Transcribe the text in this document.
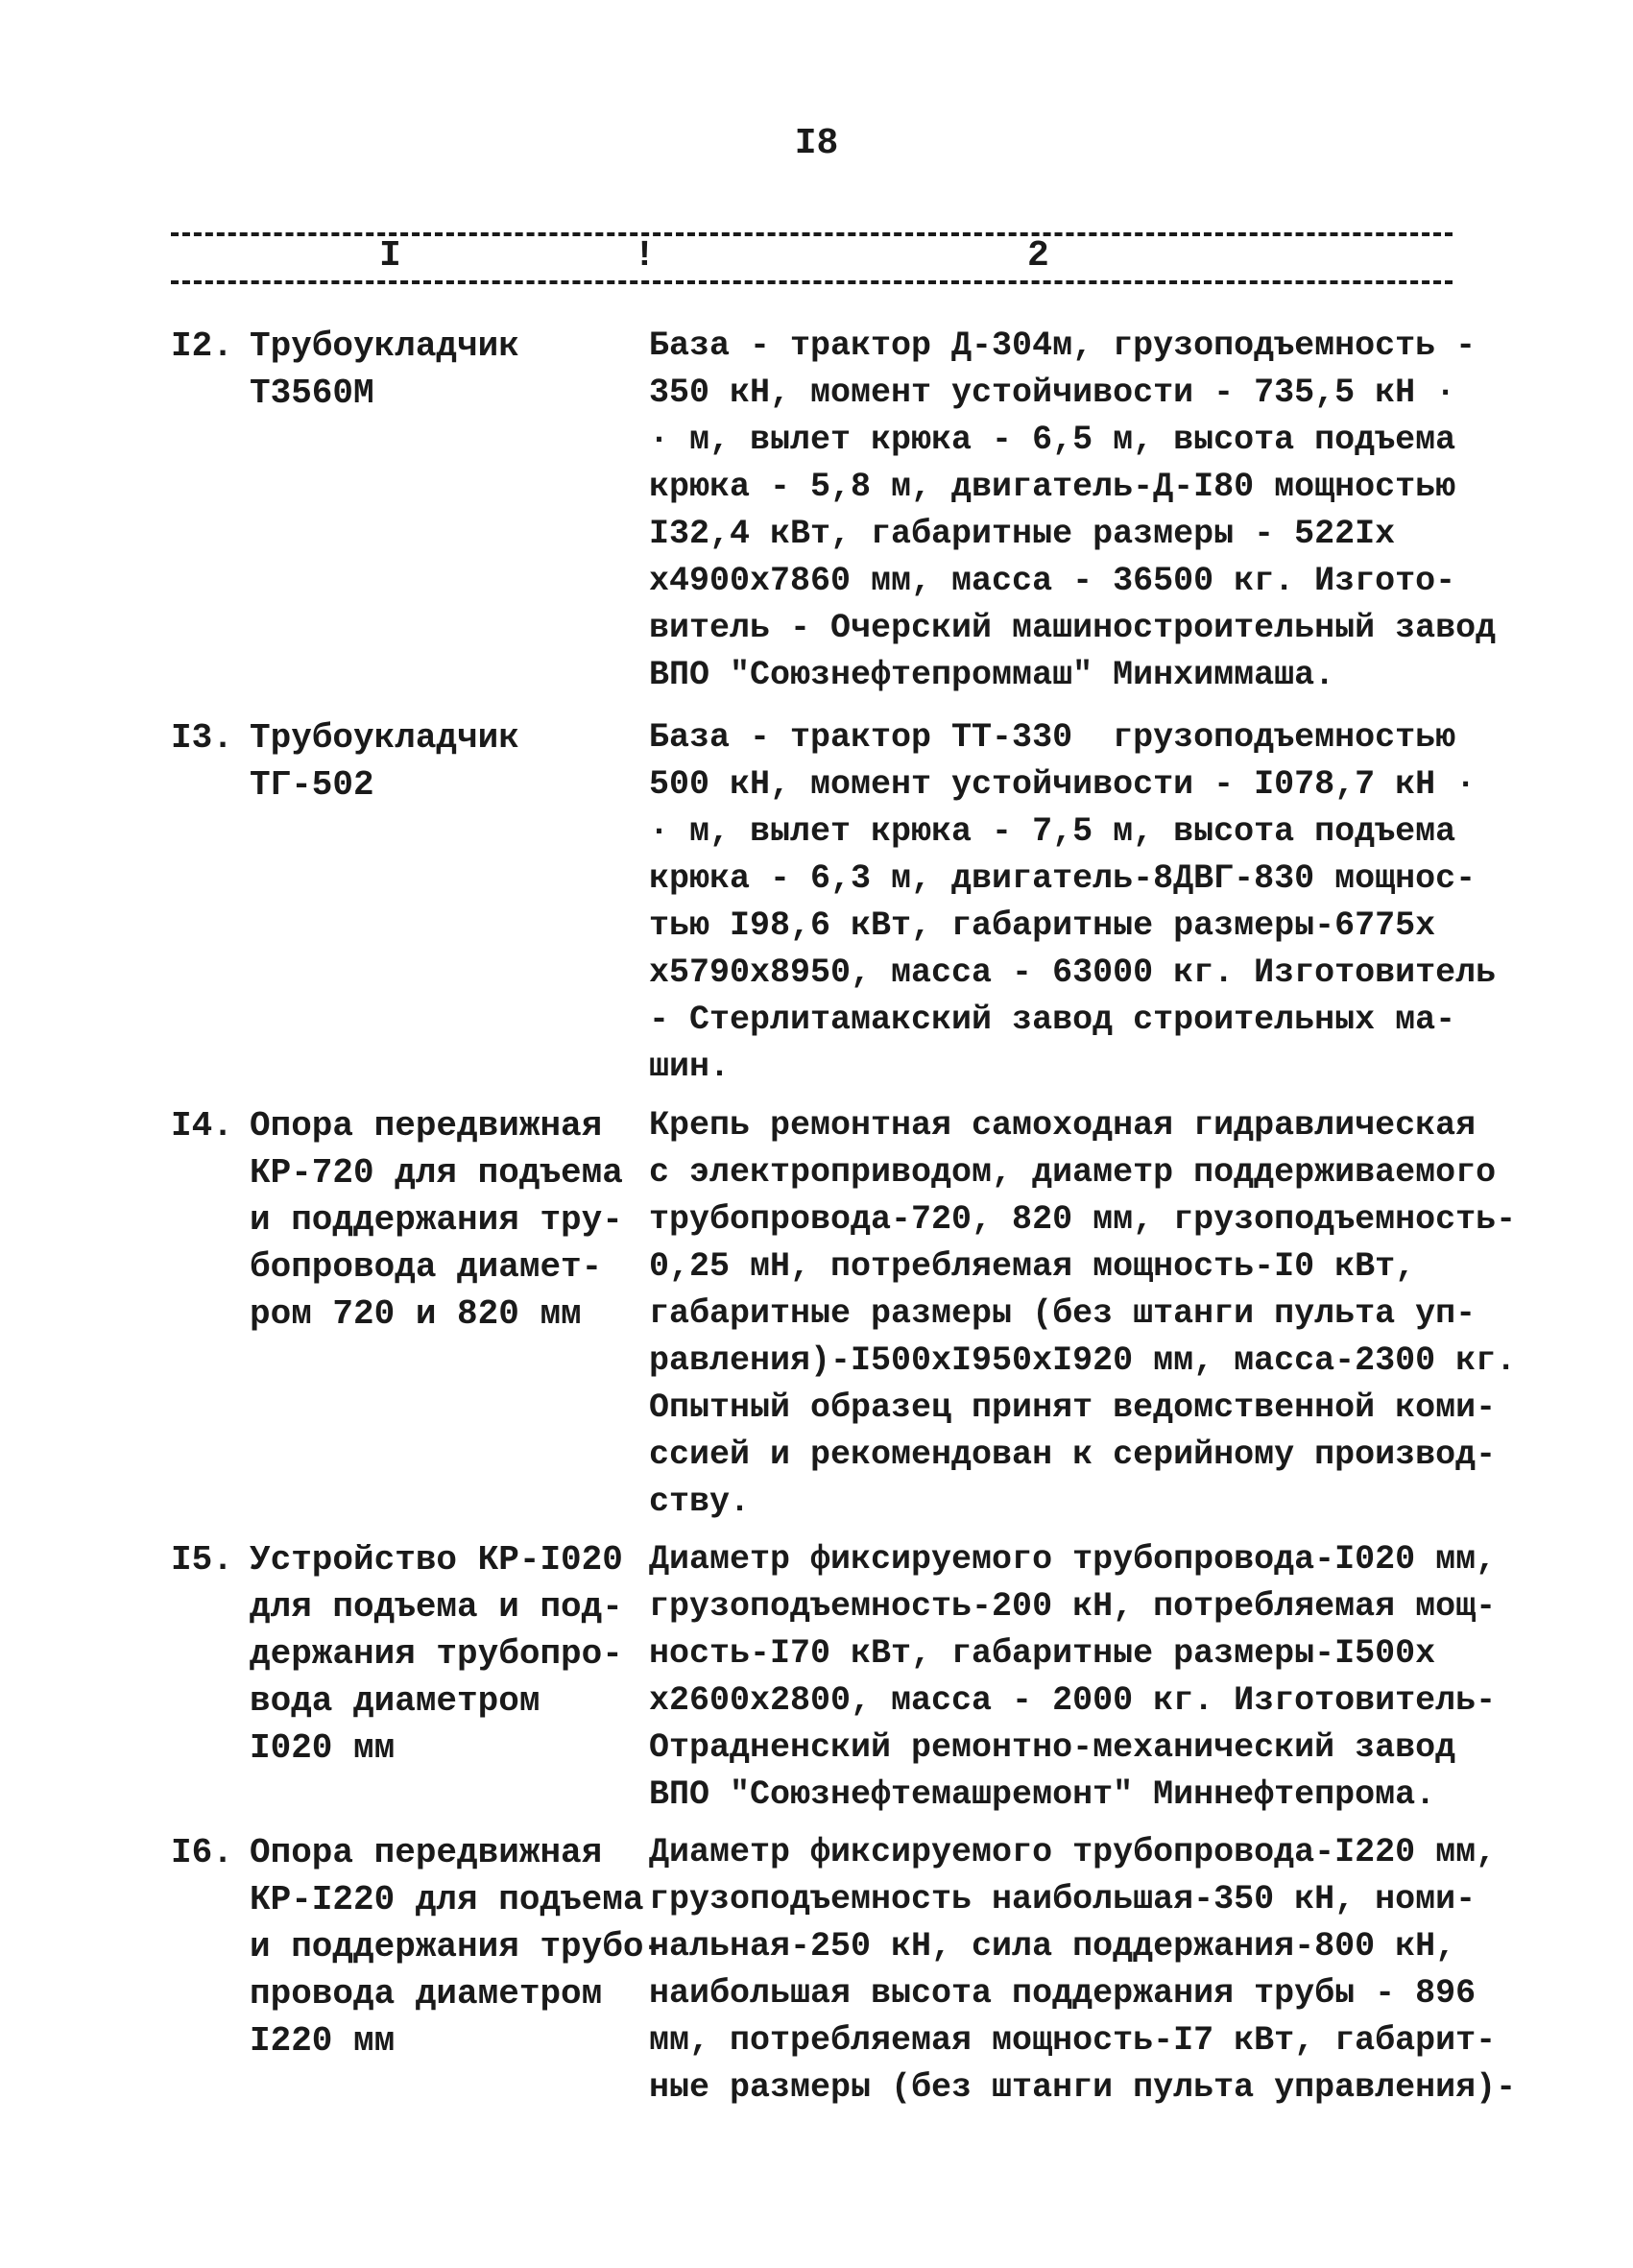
I8
I	!	2
I2. Трубоукладчик
Т3560М
База - трактор Д-304м, грузоподъемность -
350 кН, момент устойчивости - 735,5 кН ·
· м, вылет крюка - 6,5 м, высота подъема
крюка - 5,8 м, двигатель-Д-I80 мощностью
I32,4 кВт, габаритные размеры - 522Iх
х4900х7860 мм, масса - 36500 кг. Изгото-
витель - Очерский машиностроительный завод
ВПО "Союзнефтепроммаш" Минхиммаша.
I3. Трубоукладчик
ТГ-502
База - трактор ТТ-330  грузоподъемностью
500 кН, момент устойчивости - I078,7 кН ·
· м, вылет крюка - 7,5 м, высота подъема
крюка - 6,3 м, двигатель-8ДВГ-830 мощнос-
тью I98,6 кВт, габаритные размеры-6775х
х5790х8950, масса - 63000 кг. Изготовитель
- Стерлитамакский завод строительных ма-
шин.
I4. Опора передвижная
КР-720 для подъема
и поддержания тру-
бопровода диамет-
ром 720 и 820 мм
Крепь ремонтная самоходная гидравлическая
с электроприводом, диаметр поддерживаемого
трубопровода-720, 820 мм, грузоподъемность-
0,25 мН, потребляемая мощность-I0 кВт,
габаритные размеры (без штанги пульта уп-
равления)-I500хI950хI920 мм, масса-2300 кг.
Опытный образец принят ведомственной коми-
ссией и рекомендован к серийному производ-
ству.
I5. Устройство КР-I020
для подъема и под-
держания трубопро-
вода диаметром
I020 мм
Диаметр фиксируемого трубопровода-I020 мм,
грузоподъемность-200 кН, потребляемая мощ-
ность-I70 кВт, габаритные размеры-I500х
х2600х2800, масса - 2000 кг. Изготовитель-
Отрадненский ремонтно-механический завод
ВПО "Союзнефтемашремонт" Миннефтепрома.
I6. Опора передвижная
КР-I220 для подъема
и поддержания трубо-
провода диаметром
I220 мм
Диаметр фиксируемого трубопровода-I220 мм,
грузоподъемность наибольшая-350 кН, номи-
нальная-250 кН, сила поддержания-800 кН,
наибольшая высота поддержания трубы - 896
мм, потребляемая мощность-I7 кВт, габарит-
ные размеры (без штанги пульта управления)-
